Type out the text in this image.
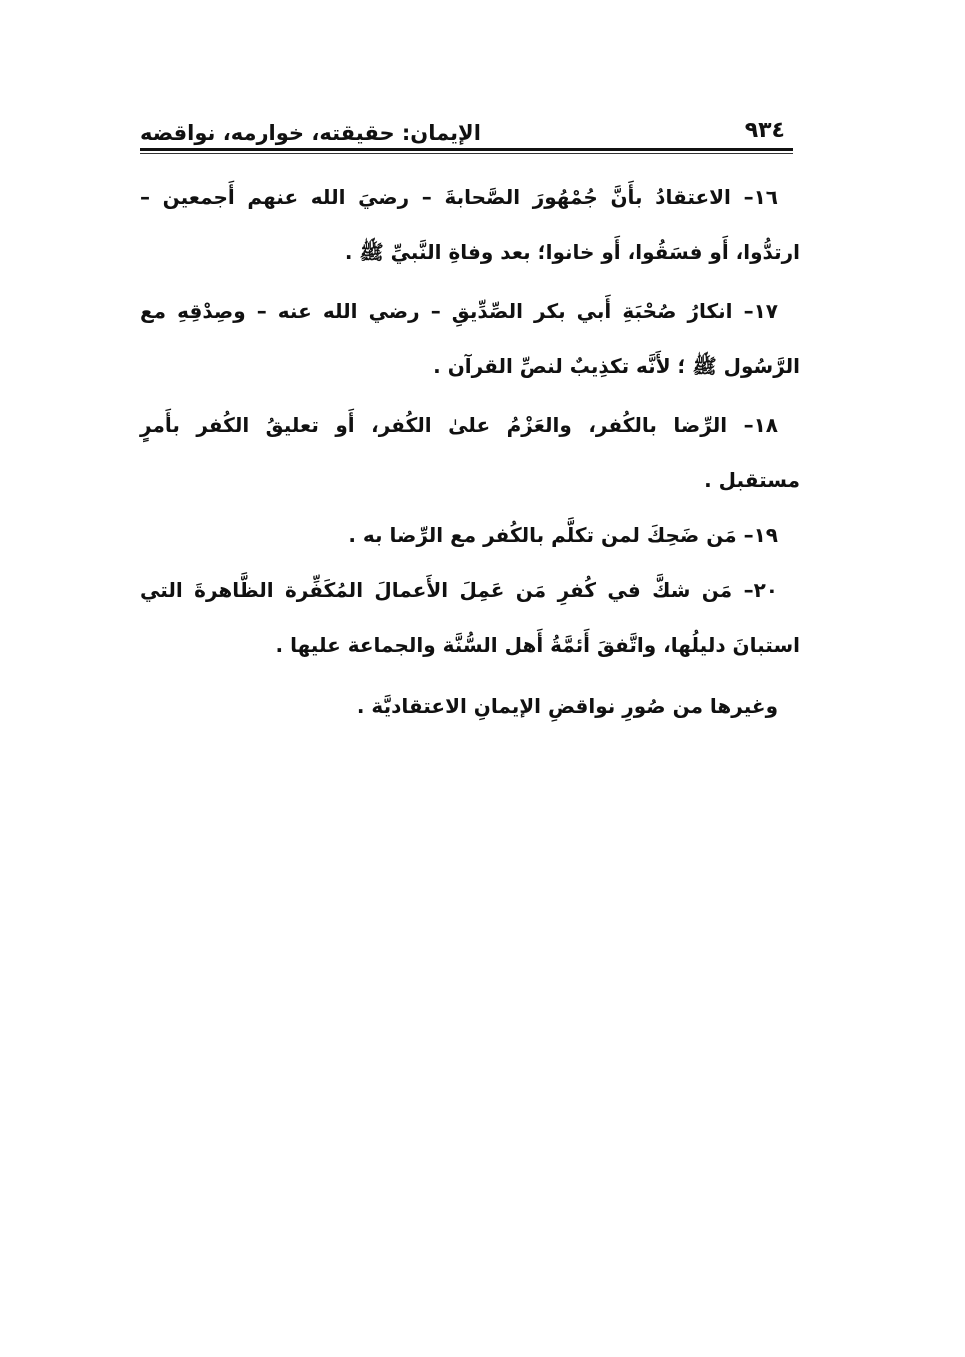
٩٣٤
الإيمان: حقيقته، خوارمه، نواقضه

١٦– الاعتقادُ بأَنَّ جُمْهُورَ الصَّحابةَ – رضيَ الله عنهم أَجمعين – ارتدُّوا، أَو فسَقُوا، أَو خانوا؛ بعد وفاةِ النَّبيِّ ﷺ .

١٧– انكارُ صُحْبَةِ أَبي بكر الصِّدِّيقِ – رضي الله عنه – وصِدْقِهِ مع الرَّسُول ﷺ ؛ لأَنَّه تكذِيبٌ لنصِّ القرآن .

١٨– الرِّضا بالكُفر، والعَزْمُ علىٰ الكُفر، أَو تعليقُ الكُفر بأَمرٍ مستقبل .

١٩– مَن ضَحِكَ لمن تكلَّم بالكُفر مع الرِّضا به .

٢٠– مَن شكَّ في كُفرِ مَن عَمِلَ الأَعمالَ المُكَفِّرة الظَّاهرةَ التي استبانَ دليلُها، واتَّفقَ أَئمَّةُ أَهل السُّنَّة والجماعة عليها .

وغيرها من صُورِ نواقضِ الإيمانِ الاعتقاديَّة .
